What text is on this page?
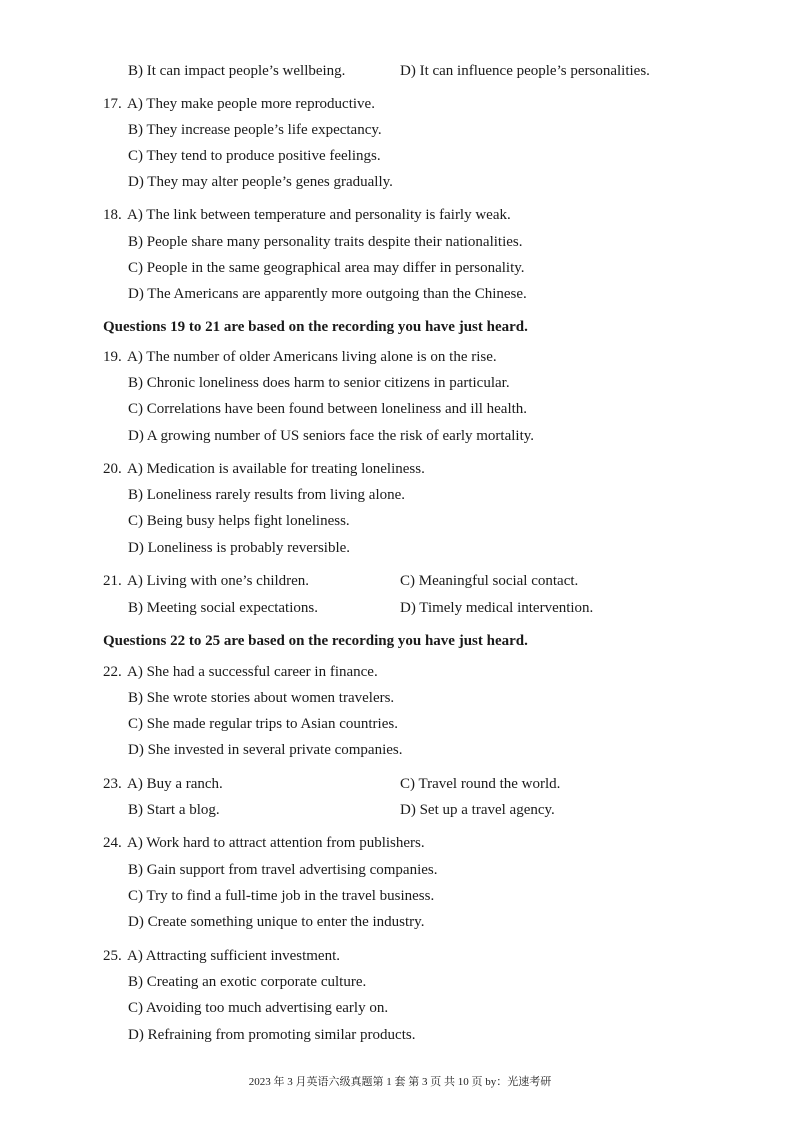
B) It can impact people’s wellbeing.	D) It can influence people’s personalities.
17. A) They make people more reproductive.
B) They increase people’s life expectancy.
C) They tend to produce positive feelings.
D) They may alter people’s genes gradually.
18. A) The link between temperature and personality is fairly weak.
B) People share many personality traits despite their nationalities.
C) People in the same geographical area may differ in personality.
D) The Americans are apparently more outgoing than the Chinese.
Questions 19 to 21 are based on the recording you have just heard.
19. A) The number of older Americans living alone is on the rise.
B) Chronic loneliness does harm to senior citizens in particular.
C) Correlations have been found between loneliness and ill health.
D) A growing number of US seniors face the risk of early mortality.
20. A) Medication is available for treating loneliness.
B) Loneliness rarely results from living alone.
C) Being busy helps fight loneliness.
D) Loneliness is probably reversible.
21. A) Living with one’s children.	C) Meaningful social contact.
B) Meeting social expectations.	D) Timely medical intervention.
Questions 22 to 25 are based on the recording you have just heard.
22. A) She had a successful career in finance.
B) She wrote stories about women travelers.
C) She made regular trips to Asian countries.
D) She invested in several private companies.
23. A) Buy a ranch.	C) Travel round the world.
B) Start a blog.	D) Set up a travel agency.
24. A) Work hard to attract attention from publishers.
B) Gain support from travel advertising companies.
C) Try to find a full-time job in the travel business.
D) Create something unique to enter the industry.
25. A) Attracting sufficient investment.
B) Creating an exotic corporate culture.
C) Avoiding too much advertising early on.
D) Refraining from promoting similar products.
2023 年 3 月英语六级真题第 1 套 第 3 页 共 10 页 by：光速考研
